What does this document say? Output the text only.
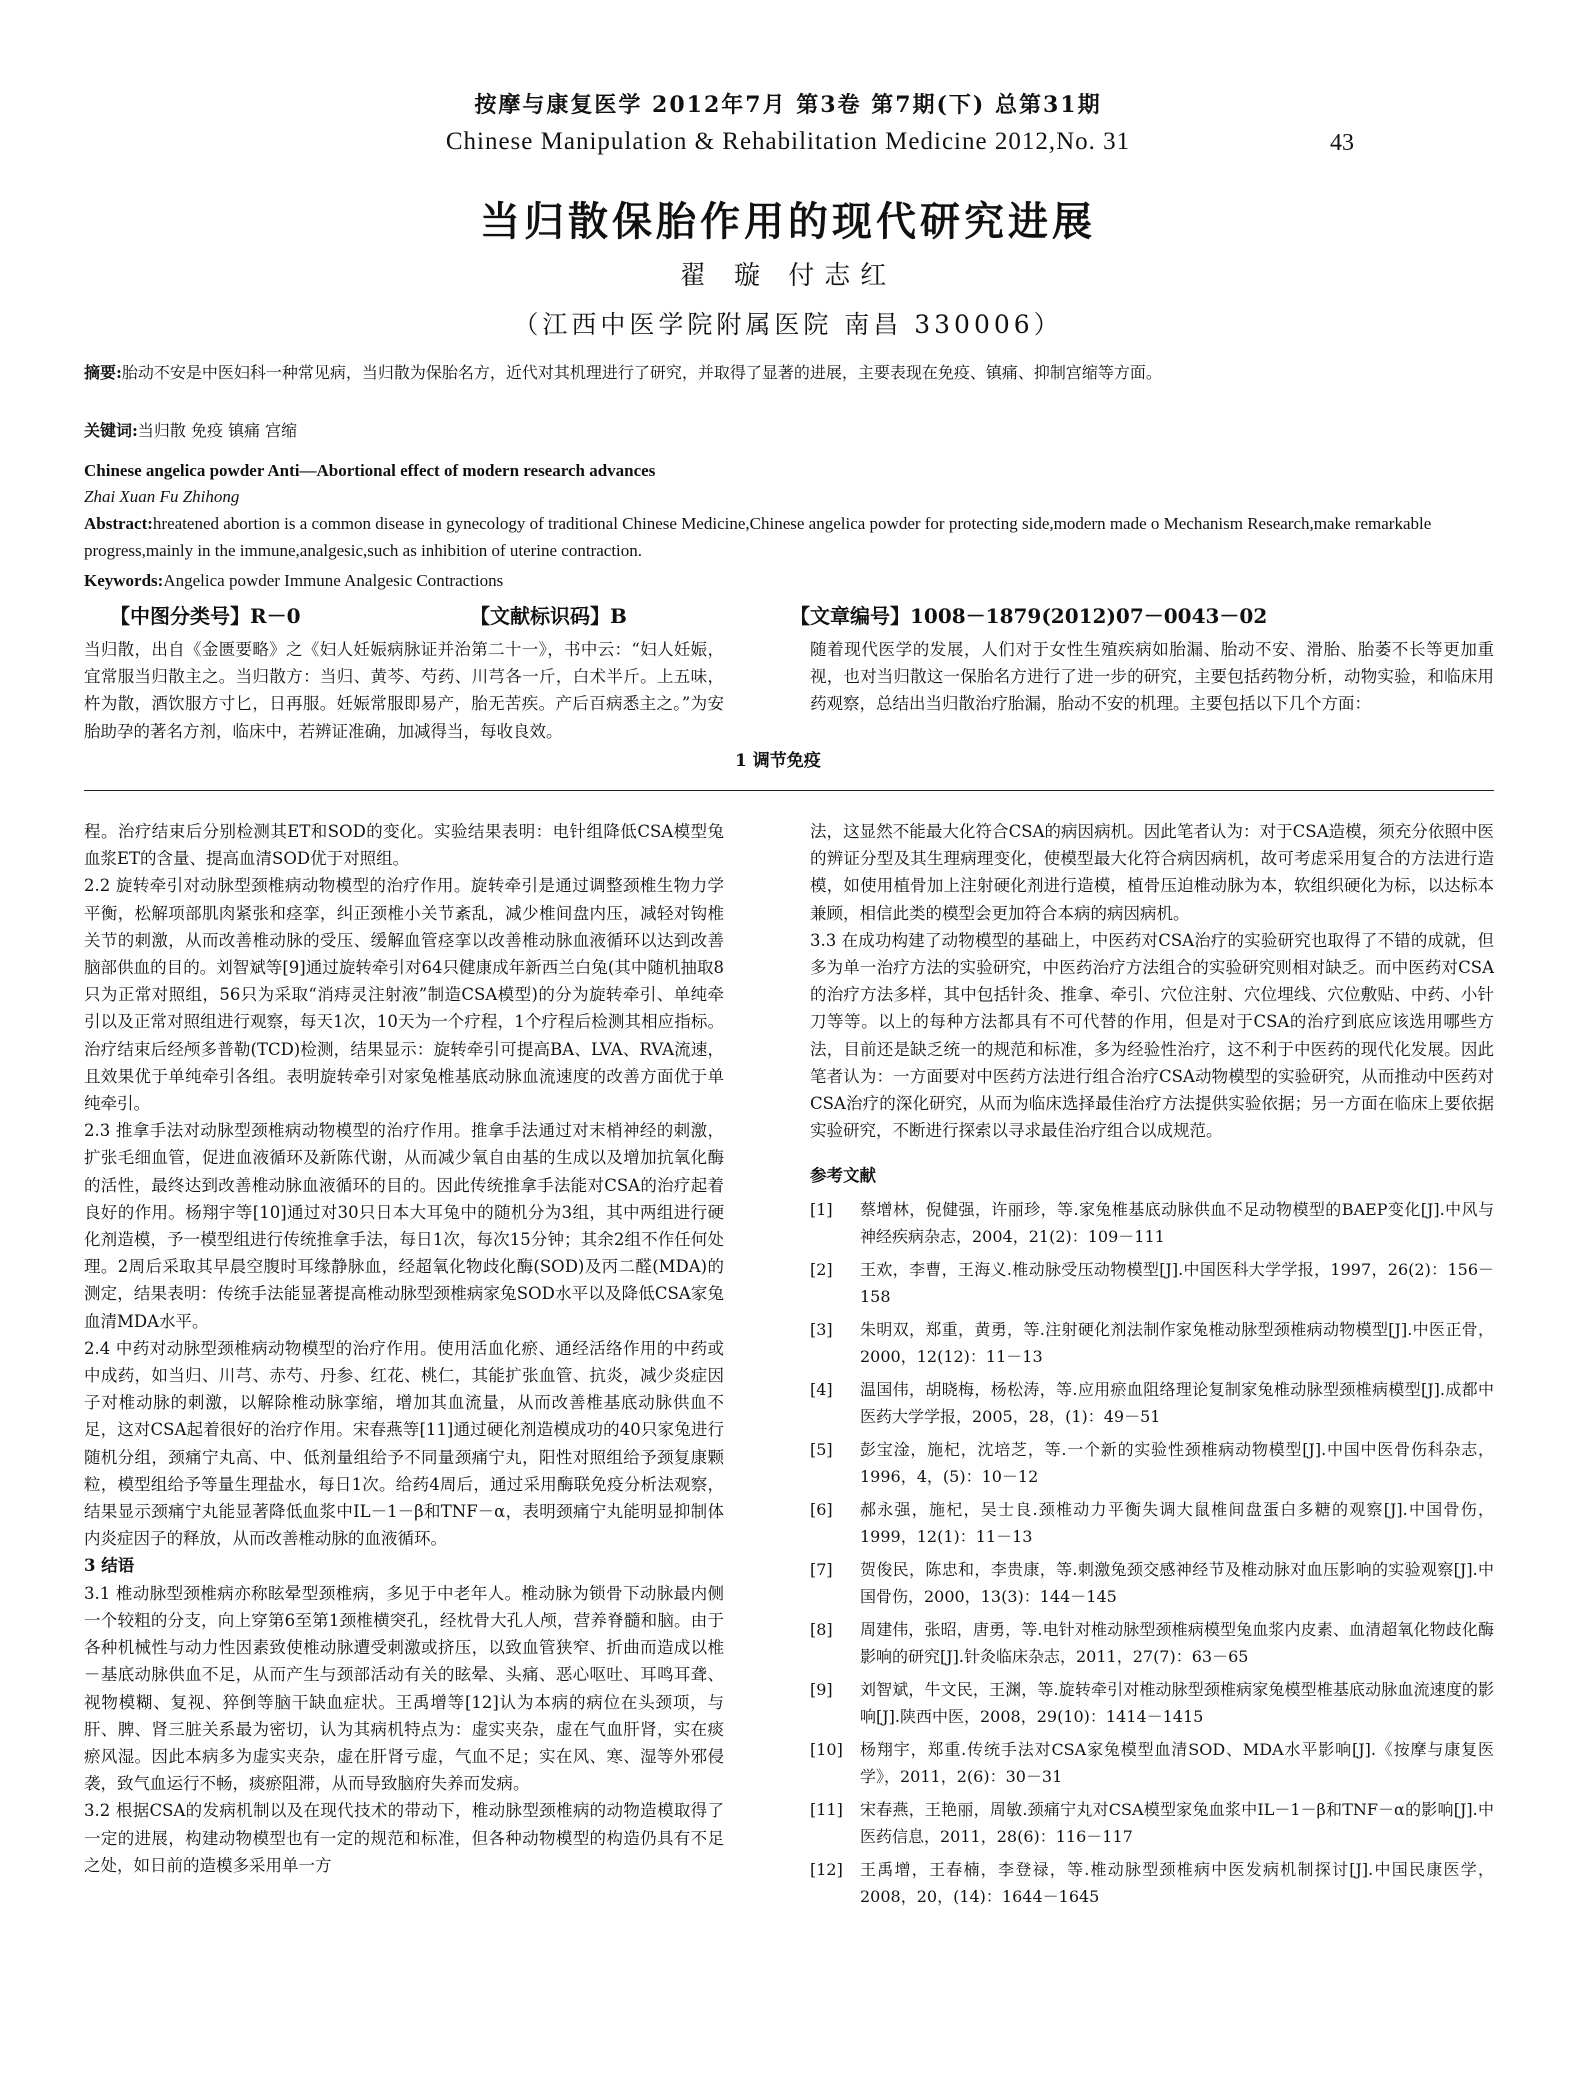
按摩与康复医学 2012年7月 第3卷 第7期(下) 总第31期
Chinese Manipulation & Rehabilitation Medicine 2012,No. 31	43
当归散保胎作用的现代研究进展
翟 璇 付志红
（江西中医学院附属医院 南昌 330006）
摘要:胎动不安是中医妇科一种常见病，当归散为保胎名方，近代对其机理进行了研究，并取得了显著的进展，主要表现在免疫、镇痛、抑制宫缩等方面。
关键词:当归散 免疫 镇痛 宫缩
Chinese angelica powder Anti—Abortional effect of modern research advances
Zhai Xuan Fu Zhihong
Abstract:hreatened abortion is a common disease in gynecology of traditional Chinese Medicine,Chinese angelica powder for protecting side,modern made o Mechanism Research,make remarkable progress,mainly in the immune,analgesic,such as inhibition of uterine contraction.
Keywords:Angelica powder Immune Analgesic Contractions
【中图分类号】R－0	【文献标识码】B	【文章编号】1008－1879(2012)07－0043－02
当归散，出自《金匮要略》之《妇人妊娠病脉证并治第二十一》，书中云：“妇人妊娠，宜常服当归散主之。当归散方：当归、黄芩、芍药、川芎各一斤，白术半斤。上五味，杵为散，酒饮服方寸匕，日再服。妊娠常服即易产，胎无苦疾。产后百病悉主之。”为安胎助孕的著名方剂，临床中，若辨证准确，加减得当，每收良效。
随着现代医学的发展，人们对于女性生殖疾病如胎漏、胎动不安、滑胎、胎萎不长等更加重视，也对当归散这一保胎名方进行了进一步的研究，主要包括药物分析，动物实验，和临床用药观察，总结出当归散治疗胎漏，胎动不安的机理。主要包括以下几个方面：
1 调节免疫

程。治疗结束后分别检测其ET和SOD的变化。实验结果表明：电针组降低CSA模型兔血浆ET的含量、提高血清SOD优于对照组。

2.2 旋转牵引对动脉型颈椎病动物模型的治疗作用。旋转牵引是通过调整颈椎生物力学平衡，松解项部肌肉紧张和痉挛，纠正颈椎小关节紊乱，减少椎间盘内压，减轻对钩椎关节的刺激，从而改善椎动脉的受压、缓解血管痉挛以改善椎动脉血液循环以达到改善脑部供血的目的。刘智斌等[9]通过旋转牵引对64只健康成年新西兰白兔(其中随机抽取8只为正常对照组，56只为采取“消痔灵注射液”制造CSA模型)的分为旋转牵引、单纯牵引以及正常对照组进行观察，每天1次，10天为一个疗程，1个疗程后检测其相应指标。治疗结束后经颅多普勒(TCD)检测，结果显示：旋转牵引可提高BA、LVA、RVA流速，且效果优于单纯牵引各组。表明旋转牵引对家兔椎基底动脉血流速度的改善方面优于单纯牵引。

2.3 推拿手法对动脉型颈椎病动物模型的治疗作用。推拿手法通过对末梢神经的刺激，扩张毛细血管，促进血液循环及新陈代谢，从而减少氧自由基的生成以及增加抗氧化酶的活性，最终达到改善椎动脉血液循环的目的。因此传统推拿手法能对CSA的治疗起着良好的作用。杨翔宇等[10]通过对30只日本大耳兔中的随机分为3组，其中两组进行硬化剂造模，予一模型组进行传统推拿手法，每日1次，每次15分钟；其余2组不作任何处理。2周后采取其早晨空腹时耳缘静脉血，经超氧化物歧化酶(SOD)及丙二醛(MDA)的测定，结果表明：传统手法能显著提高椎动脉型颈椎病家兔SOD水平以及降低CSA家兔血清MDA水平。

2.4 中药对动脉型颈椎病动物模型的治疗作用。使用活血化瘀、通经活络作用的中药或中成药，如当归、川芎、赤芍、丹参、红花、桃仁，其能扩张血管、抗炎，减少炎症因子对椎动脉的刺激，以解除椎动脉挛缩，增加其血流量，从而改善椎基底动脉供血不足，这对CSA起着很好的治疗作用。宋春燕等[11]通过硬化剂造模成功的40只家兔进行随机分组，颈痛宁丸高、中、低剂量组给予不同量颈痛宁丸，阳性对照组给予颈复康颗粒，模型组给予等量生理盐水，每日1次。给药4周后，通过采用酶联免疫分析法观察，结果显示颈痛宁丸能显著降低血浆中IL－1－β和TNF－α，表明颈痛宁丸能明显抑制体内炎症因子的释放，从而改善椎动脉的血液循环。

3 结语

3.1 椎动脉型颈椎病亦称眩晕型颈椎病，多见于中老年人。椎动脉为锁骨下动脉最内侧一个较粗的分支，向上穿第6至第1颈椎横突孔，经枕骨大孔人颅，营养脊髓和脑。由于各种机械性与动力性因素致使椎动脉遭受刺激或挤压，以致血管狭窄、折曲而造成以椎－基底动脉供血不足，从而产生与颈部活动有关的眩晕、头痛、恶心呕吐、耳鸣耳聋、视物模糊、复视、猝倒等脑干缺血症状。王禹增等[12]认为本病的病位在头颈项，与肝、脾、肾三脏关系最为密切，认为其病机特点为：虚实夹杂，虚在气血肝肾，实在痰瘀风湿。因此本病多为虚实夹杂，虚在肝肾亏虚，气血不足；实在风、寒、湿等外邪侵袭，致气血运行不畅，痰瘀阻滞，从而导致脑府失养而发病。

3.2 根据CSA的发病机制以及在现代技术的带动下，椎动脉型颈椎病的动物造模取得了一定的进展，构建动物模型也有一定的规范和标准，但各种动物模型的构造仍具有不足之处，如日前的造模多采用单一方

法，这显然不能最大化符合CSA的病因病机。因此笔者认为：对于CSA造模，须充分依照中医的辨证分型及其生理病理变化，使模型最大化符合病因病机，故可考虑采用复合的方法进行造模，如使用植骨加上注射硬化剂进行造模，植骨压迫椎动脉为本，软组织硬化为标，以达标本兼顾，相信此类的模型会更加符合本病的病因病机。

3.3 在成功构建了动物模型的基础上，中医药对CSA治疗的实验研究也取得了不错的成就，但多为单一治疗方法的实验研究，中医药治疗方法组合的实验研究则相对缺乏。而中医药对CSA的治疗方法多样，其中包括针灸、推拿、牵引、穴位注射、穴位埋线、穴位敷贴、中药、小针刀等等。以上的每种方法都具有不可代替的作用，但是对于CSA的治疗到底应该选用哪些方法，目前还是缺乏统一的规范和标准，多为经验性治疗，这不利于中医药的现代化发展。因此笔者认为：一方面要对中医药方法进行组合治疗CSA动物模型的实验研究，从而推动中医药对CSA治疗的深化研究，从而为临床选择最佳治疗方法提供实验依据；另一方面在临床上要依据实验研究，不断进行探索以寻求最佳治疗组合以成规范。

参考文献

[1] 蔡增林，倪健强，许丽珍，等.家兔椎基底动脉供血不足动物模型的BAEP变化[J].中风与神经疾病杂志，2004，21(2)：109－111
[2] 王欢，李曹，王海义.椎动脉受压动物模型[J].中国医科大学学报，1997，26(2)：156－158
[3] 朱明双，郑重，黄勇，等.注射硬化剂法制作家兔椎动脉型颈椎病动物模型[J].中医正骨，2000，12(12)：11－13
[4] 温国伟，胡晓梅，杨松涛，等.应用瘀血阻络理论复制家兔椎动脉型颈椎病模型[J].成都中医药大学学报，2005，28，(1)：49－51
[5] 彭宝淦，施杞，沈培芝，等.一个新的实验性颈椎病动物模型[J].中国中医骨伤科杂志，1996，4，(5)：10－12
[6] 郝永强，施杞，吴士良.颈椎动力平衡失调大鼠椎间盘蛋白多糖的观察[J].中国骨伤，1999，12(1)：11－13
[7] 贺俊民，陈忠和，李贵康，等.刺激兔颈交感神经节及椎动脉对血压影响的实验观察[J].中国骨伤，2000，13(3)：144－145
[8] 周建伟，张昭，唐勇，等.电针对椎动脉型颈椎病模型兔血浆内皮素、血清超氧化物歧化酶影响的研究[J].针灸临床杂志，2011，27(7)：63－65
[9] 刘智斌，牛文民，王渊，等.旋转牵引对椎动脉型颈椎病家兔模型椎基底动脉血流速度的影响[J].陕西中医，2008，29(10)：1414－1415
[10] 杨翔宇，郑重.传统手法对CSA家兔模型血清SOD、MDA水平影响[J].《按摩与康复医学》，2011，2(6)：30－31
[11] 宋春燕，王艳丽，周敏.颈痛宁丸对CSA模型家兔血浆中IL－1－β和TNF－α的影响[J].中医药信息，2011，28(6)：116－117
[12] 王禹增，王春楠，李登禄，等.椎动脉型颈椎病中医发病机制探讨[J].中国民康医学，2008，20，(14)：1644－1645
